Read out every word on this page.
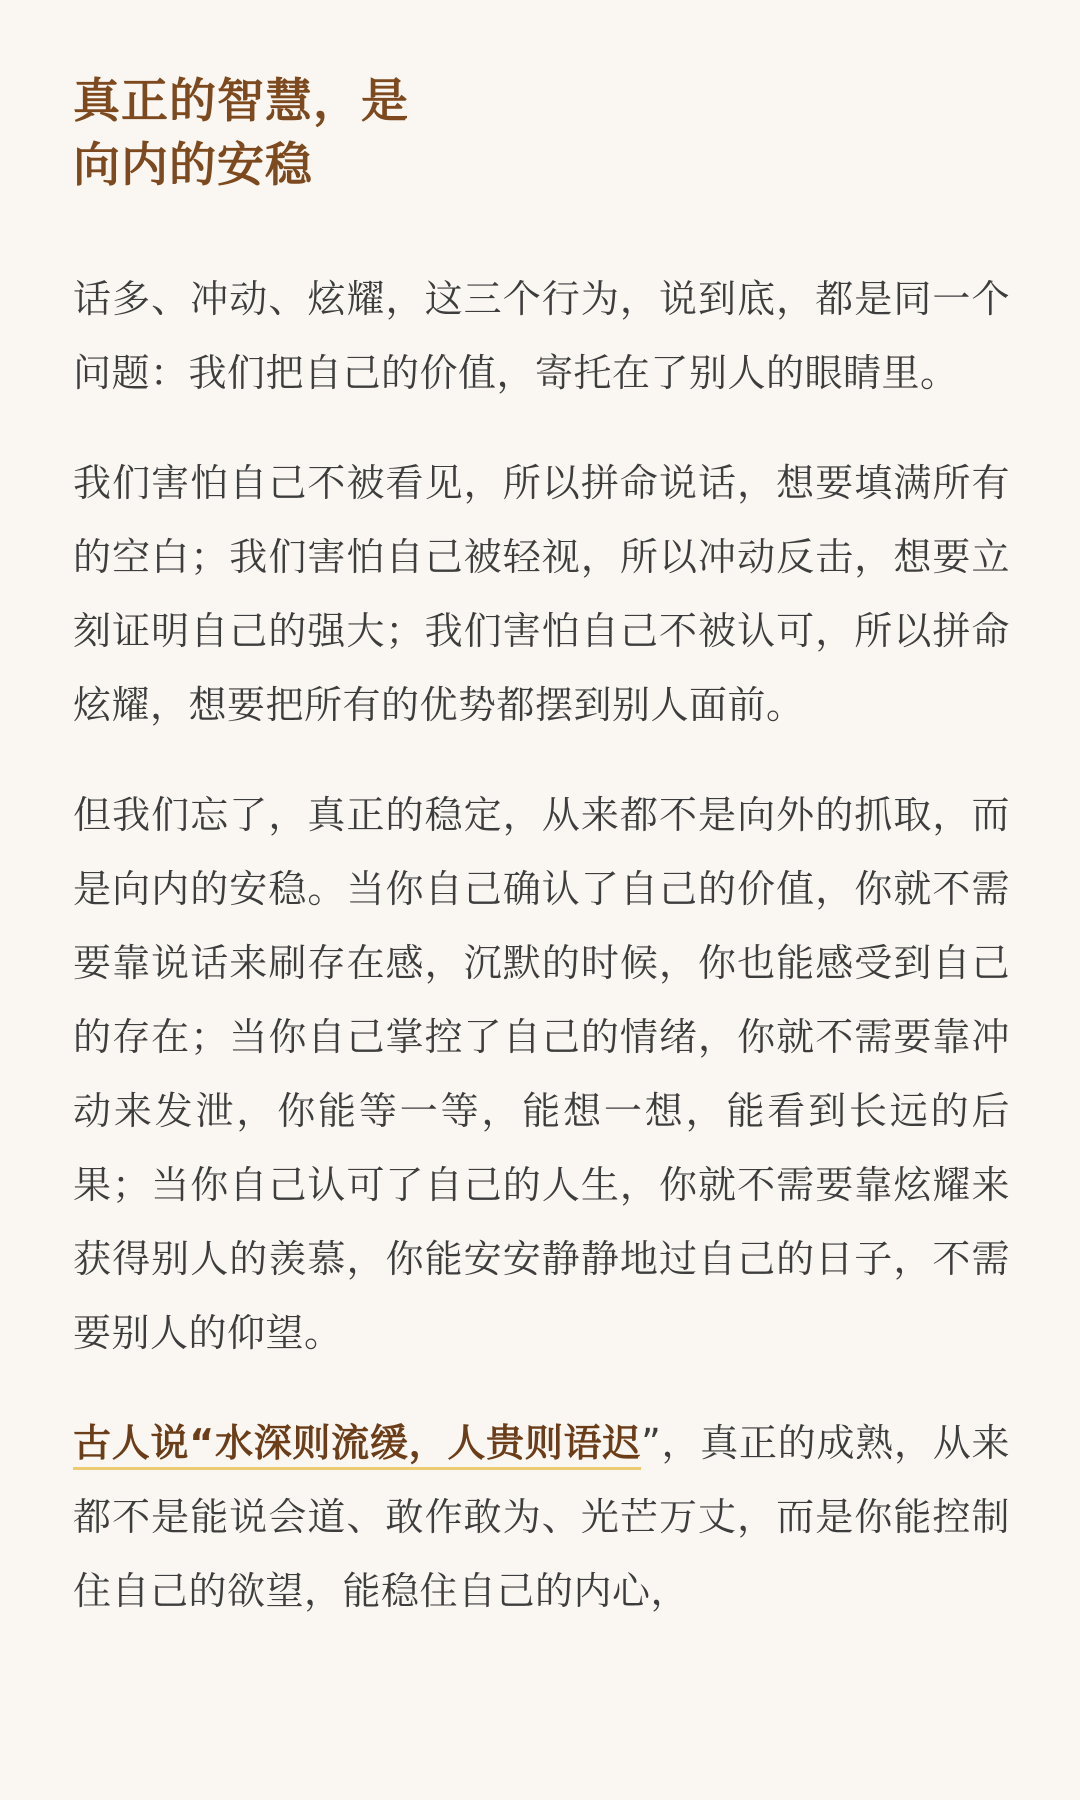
真正的智慧，是
向内的安稳

话多、冲动、炫耀，这三个行为，说到底，都是同一个问题：我们把自己的价值，寄托在了别人的眼睛里。

我们害怕自己不被看见，所以拼命说话，想要填满所有的空白；我们害怕自己被轻视，所以冲动反击，想要立刻证明自己的强大；我们害怕自己不被认可，所以拼命炫耀，想要把所有的优势都摆到别人面前。

但我们忘了，真正的稳定，从来都不是向外的抓取，而是向内的安稳。当你自己确认了自己的价值，你就不需要靠说话来刷存在感，沉默的时候，你也能感受到自己的存在；当你自己掌控了自己的情绪，你就不需要靠冲动来发泄，你能等一等，能想一想，能看到长远的后果；当你自己认可了自己的人生，你就不需要靠炫耀来获得别人的羡慕，你能安安静静地过自己的日子，不需要别人的仰望。

古人说“水深则流缓，人贵则语迟”，真正的成熟，从来都不是能说会道、敢作敢为、光芒万丈，而是你能控制住自己的欲望，能稳住自己的内心，
